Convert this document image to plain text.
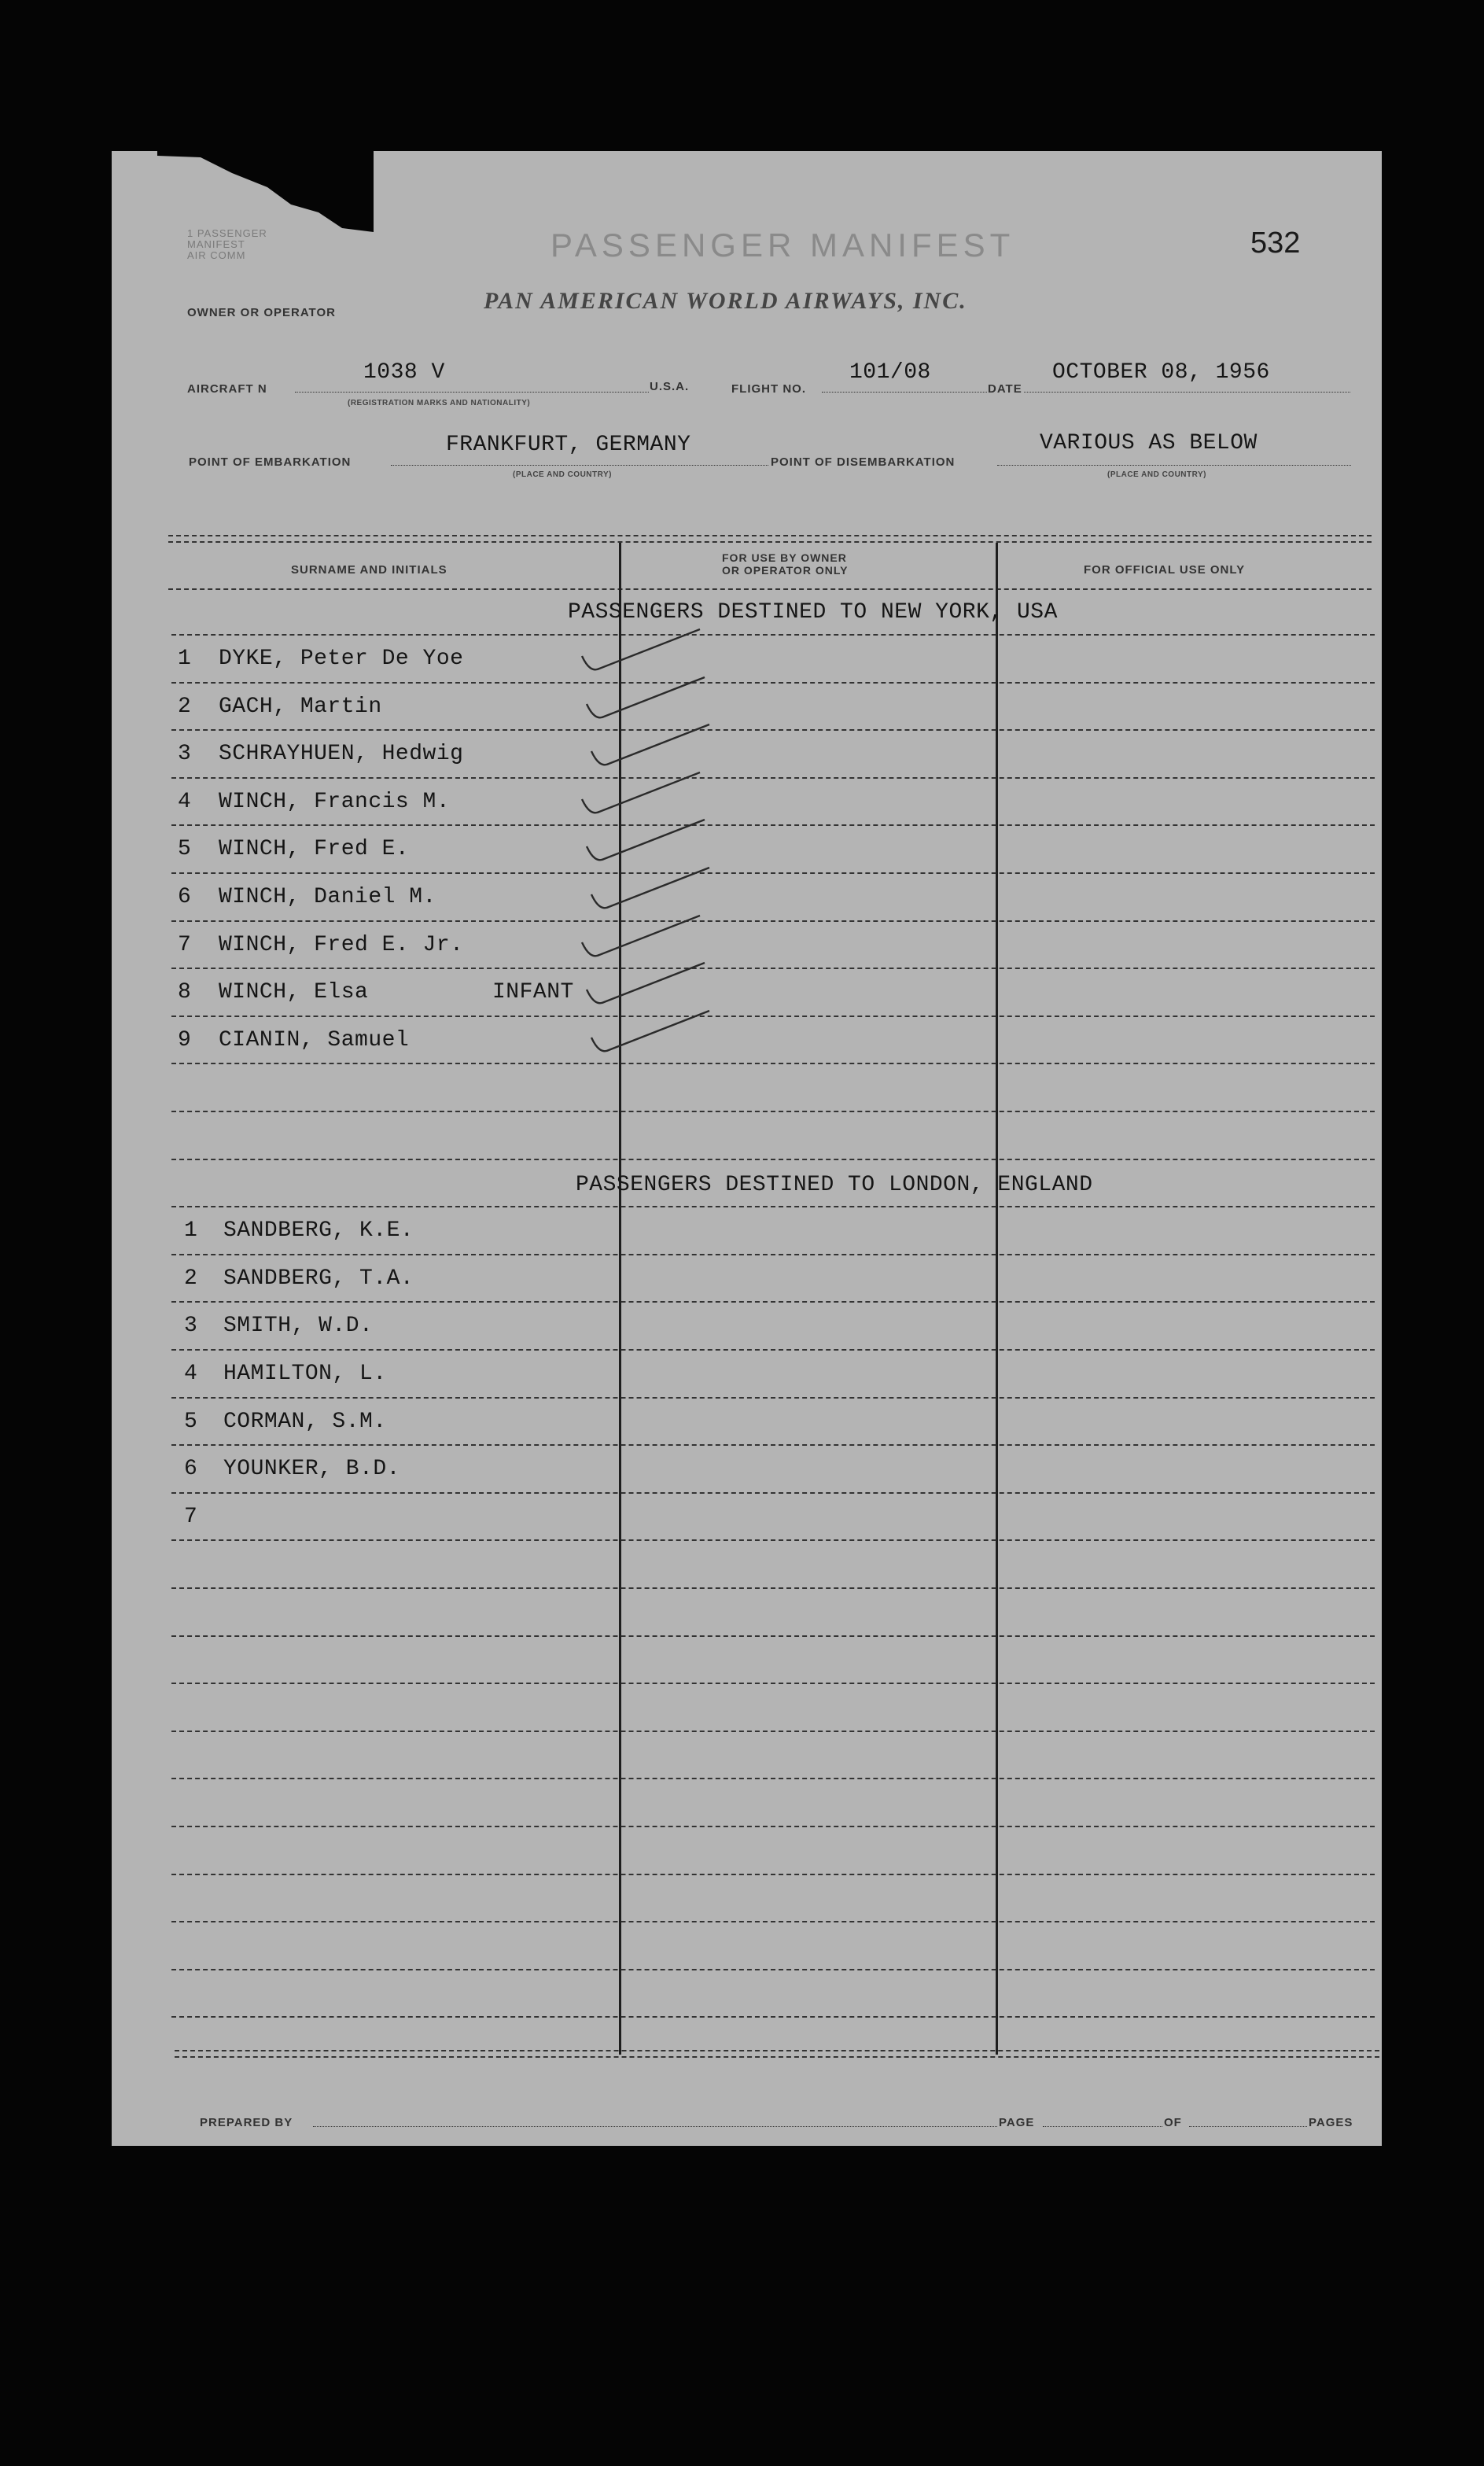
1 PASSENGER
MANIFEST
AIR COMM	PASSENGER MANIFEST	532
OWNER OR OPERATOR	PAN AMERICAN WORLD AIRWAYS, INC.
AIRCRAFT N
1038 V
(REGISTRATION MARKS AND NATIONALITY)
U.S.A.	FLIGHT NO.
101/08
DATE
OCTOBER 08, 1956
POINT OF EMBARKATION
FRANKFURT, GERMANY
(PLACE AND COUNTRY)
POINT OF DISEMBARKATION
VARIOUS AS BELOW
(PLACE AND COUNTRY)
SURNAME AND INITIALS
FOR USE BY OWNER
OR OPERATOR ONLY	FOR OFFICIAL USE ONLY
PASSENGERS DESTINED TO NEW YORK, USA
PASSENGERS DESTINED TO LONDON, ENGLAND
1 DYKE, Peter De Yoe
2 GACH, Martin
3 SCHRAYHUEN, Hedwig
4 WINCH, Francis M.
5 WINCH, Fred E.
6 WINCH, Daniel M.
7 WINCH, Fred E. Jr.
8 WINCH, Elsa	INFANT
9 CIANIN, Samuel
1 SANDBERG, K.E.
2 SANDBERG, T.A.
3 SMITH, W.D.
4 HAMILTON, L.
5 CORMAN, S.M.
6 YOUNKER, B.D.
7
PREPARED BY	PAGE	OF	PAGES
